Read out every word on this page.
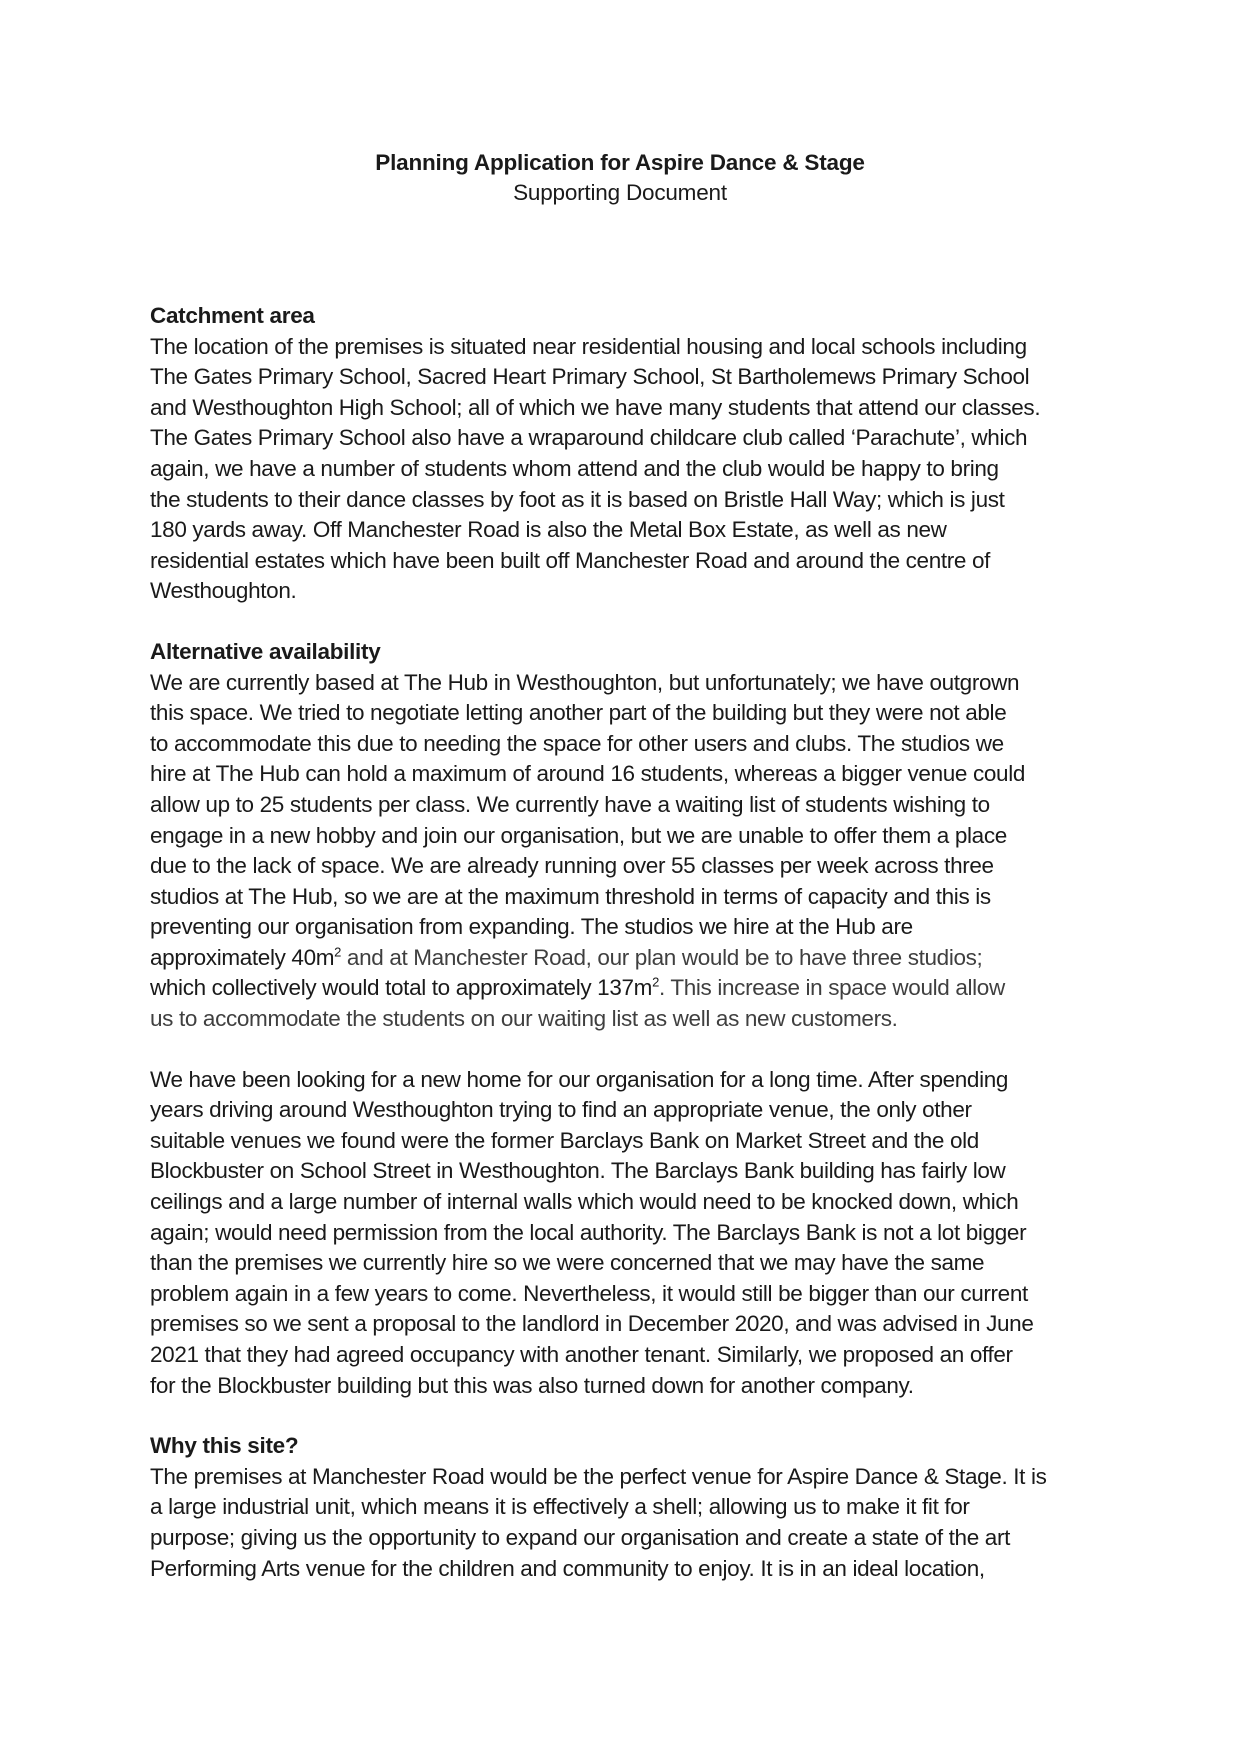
Planning Application for Aspire Dance & Stage
Supporting Document
Catchment area
The location of the premises is situated near residential housing and local schools including
The Gates Primary School, Sacred Heart Primary School, St Bartholemews Primary School
and Westhoughton High School; all of which we have many students that attend our classes.
The Gates Primary School also have a wraparound childcare club called ‘Parachute’, which
again, we have a number of students whom attend and the club would be happy to bring
the students to their dance classes by foot as it is based on Bristle Hall Way; which is just
180 yards away. Off Manchester Road is also the Metal Box Estate, as well as new
residential estates which have been built off Manchester Road and around the centre of
Westhoughton.
Alternative availability
We are currently based at The Hub in Westhoughton, but unfortunately; we have outgrown
this space. We tried to negotiate letting another part of the building but they were not able
to accommodate this due to needing the space for other users and clubs. The studios we
hire at The Hub can hold a maximum of around 16 students, whereas a bigger venue could
allow up to 25 students per class. We currently have a waiting list of students wishing to
engage in a new hobby and join our organisation, but we are unable to offer them a place
due to the lack of space. We are already running over 55 classes per week across three
studios at The Hub, so we are at the maximum threshold in terms of capacity and this is
preventing our organisation from expanding. The studios we hire at the Hub are
approximately $40m^2$ and at Manchester Road, our plan would be to have three studios;
which collectively would total to approximately $137m^2$. This increase in space would allow
us to accommodate the students on our waiting list as well as new customers.
We have been looking for a new home for our organisation for a long time. After spending
years driving around Westhoughton trying to find an appropriate venue, the only other
suitable venues we found were the former Barclays Bank on Market Street and the old
Blockbuster on School Street in Westhoughton. The Barclays Bank building has fairly low
ceilings and a large number of internal walls which would need to be knocked down, which
again; would need permission from the local authority. The Barclays Bank is not a lot bigger
than the premises we currently hire so we were concerned that we may have the same
problem again in a few years to come. Nevertheless, it would still be bigger than our current
premises so we sent a proposal to the landlord in December 2020, and was advised in June
2021 that they had agreed occupancy with another tenant. Similarly, we proposed an offer
for the Blockbuster building but this was also turned down for another company.
Why this site?
The premises at Manchester Road would be the perfect venue for Aspire Dance & Stage. It is
a large industrial unit, which means it is effectively a shell; allowing us to make it fit for
purpose; giving us the opportunity to expand our organisation and create a state of the art
Performing Arts venue for the children and community to enjoy. It is in an ideal location,
